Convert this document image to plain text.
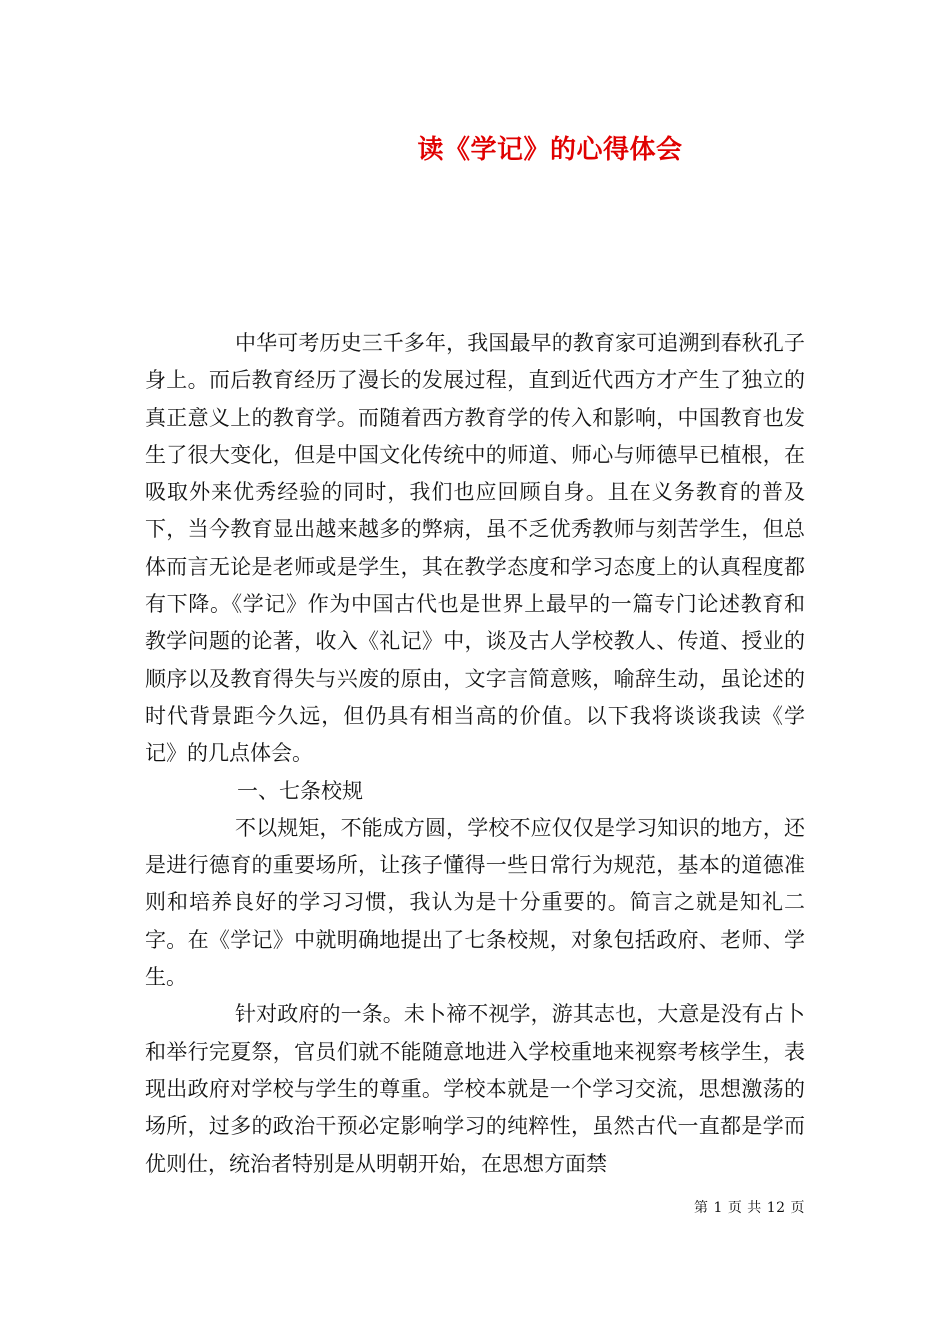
读《学记》的心得体会

中华可考历史三千多年，我国最早的教育家可追溯到春秋孔子身上。而后教育经历了漫长的发展过程，直到近代西方才产生了独立的真正意义上的教育学。而随着西方教育学的传入和影响，中国教育也发生了很大变化，但是中国文化传统中的师道、师心与师德早已植根，在吸取外来优秀经验的同时，我们也应回顾自身。且在义务教育的普及下，当今教育显出越来越多的弊病，虽不乏优秀教师与刻苦学生，但总体而言无论是老师或是学生，其在教学态度和学习态度上的认真程度都有下降。《学记》作为中国古代也是世界上最早的一篇专门论述教育和教学问题的论著，收入《礼记》中，谈及古人学校教人、传道、授业的顺序以及教育得失与兴废的原由，文字言简意赅，喻辞生动，虽论述的时代背景距今久远，但仍具有相当高的价值。以下我将谈谈我读《学记》的几点体会。

一、七条校规

不以规矩，不能成方圆，学校不应仅仅是学习知识的地方，还是进行德育的重要场所，让孩子懂得一些日常行为规范，基本的道德准则和培养良好的学习习惯，我认为是十分重要的。简言之就是知礼二字。在《学记》中就明确地提出了七条校规，对象包括政府、老师、学生。

针对政府的一条。未卜禘不视学，游其志也，大意是没有占卜和举行完夏祭，官员们就不能随意地进入学校重地来视察考核学生，表现出政府对学校与学生的尊重。学校本就是一个学习交流，思想激荡的场所，过多的政治干预必定影响学习的纯粹性，虽然古代一直都是学而优则仕，统治者特别是从明朝开始，在思想方面禁

第 1 页 共 12 页
